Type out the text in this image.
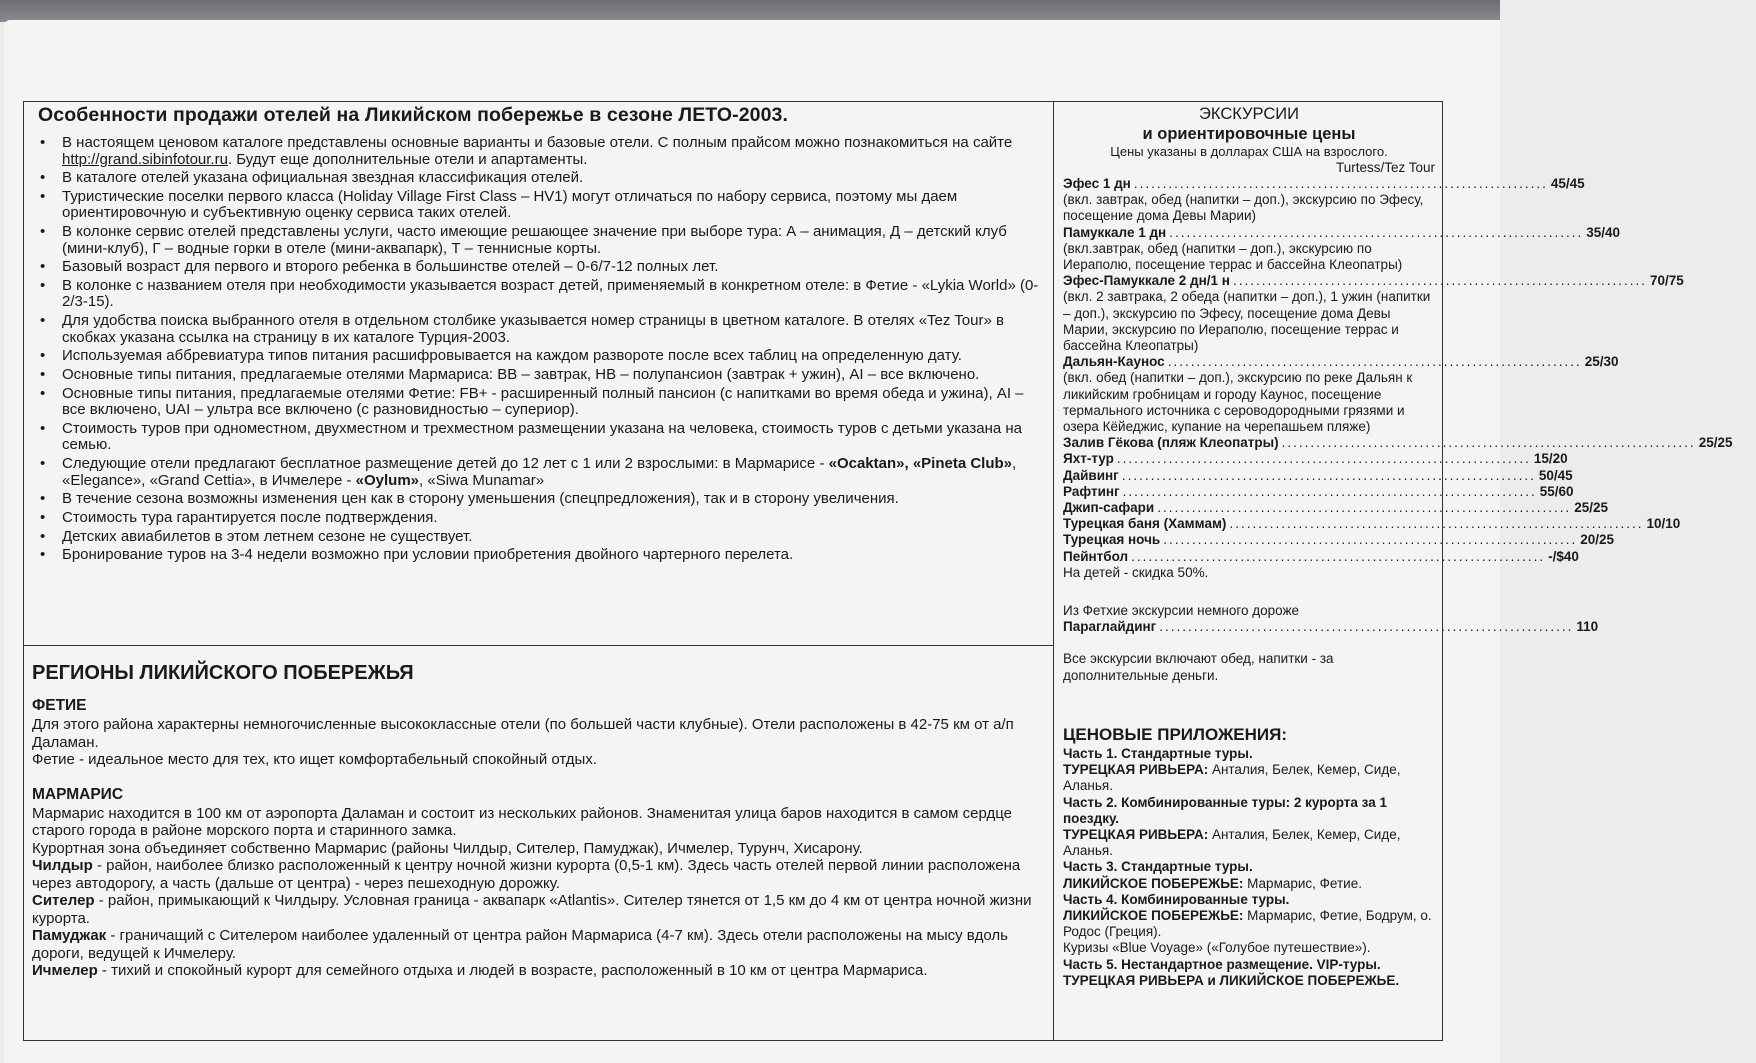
Особенности продажи отелей на Ликийском побережье в сезоне ЛЕТО-2003.
• В настоящем ценовом каталоге представлены основные варианты и базовые отели. С полным прайсом можно познакомиться на сайте http://grand.sibinfotour.ru. Будут еще дополнительные отели и апартаменты.
• В каталоге отелей указана официальная звездная классификация отелей.
• Туристические поселки первого класса (Holiday Village First Class – HV1) могут отличаться по набору сервиса, поэтому мы даем ориентировочную и субъективную оценку сервиса таких отелей.
• В колонке сервис отелей представлены услуги, часто имеющие решающее значение при выборе тура: А – анимация, Д – детский клуб (мини-клуб), Г – водные горки в отеле (мини-аквапарк), Т – теннисные корты.
• Базовый возраст для первого и второго ребенка в большинстве отелей – 0-6/7-12 полных лет.
• В колонке с названием отеля при необходимости указывается возраст детей, применяемый в конкретном отеле: в Фетие - «Lykia World» (0-2/3-15).
• Для удобства поиска выбранного отеля в отдельном столбике указывается номер страницы в цветном каталоге. В отелях «Tez Tour» в скобках указана ссылка на страницу в их каталоге Турция-2003.
• Используемая аббревиатура типов питания расшифровывается на каждом развороте после всех таблиц на определенную дату.
• Основные типы питания, предлагаемые отелями Мармариса: ВВ – завтрак, НВ – полупансион (завтрак + ужин), AI – все включено.
• Основные типы питания, предлагаемые отелями Фетие: FB+ - расширенный полный пансион (с напитками во время обеда и ужина), AI – все включено, UAI – ультра все включено (с разновидностью – супериор).
• Стоимость туров при одноместном, двухместном и трехместном размещении указана на человека, стоимость туров с детьми указана на семью.
• Следующие отели предлагают бесплатное размещение детей до 12 лет с 1 или 2 взрослыми: в Мармарисе - «Ocaktan», «Pineta Club», «Elegance», «Grand Cettia», в Ичмелере - «Oylum», «Siwa Munamar»
• В течение сезона возможны изменения цен как в сторону уменьшения (спецпредложения), так и в сторону увеличения.
• Стоимость тура гарантируется после подтверждения.
• Детских авиабилетов в этом летнем сезоне не существует.
• Бронирование туров на 3-4 недели возможно при условии приобретения двойного чартерного перелета.
РЕГИОНЫ ЛИКИЙСКОГО ПОБЕРЕЖЬЯ
ФЕТИЕ

Для этого района характерны немногочисленные высококлассные отели (по большей части клубные). Отели расположены в 42-75 км от а/п Даламан.

Фетие - идеальное место для тех, кто ищет комфортабельный спокойный отдых.

МАРМАРИС

Мармарис находится в 100 км от аэропорта Даламан и состоит из нескольких районов. Знаменитая улица баров находится в самом сердце старого города в районе морского порта и старинного замка.

Курортная зона объединяет собственно Мармарис (районы Чилдыр, Сителер, Памуджак), Ичмелер, Турунч, Хисарону.

Чилдыр - район, наиболее близко расположенный к центру ночной жизни курорта (0,5-1 км). Здесь часть отелей первой линии расположена через автодорогу, а часть (дальше от центра) - через пешеходную дорожку.

Сителер - район, примыкающий к Чилдыру. Условная граница - аквапарк «Atlantis». Сителер тянется от 1,5 км до 4 км от центра ночной жизни курорта.

Памуджак - граничащий с Сителером наиболее удаленный от центра район Мармариса (4-7 км). Здесь отели расположены на мысу вдоль дороги, ведущей к Ичмелеру.

Ичмелер - тихий и спокойный курорт для семейного отдыха и людей в возрасте, расположенный в 10 км от центра Мармариса.

ЭКСКУРСИИ
и ориентировочные цены
Цены указаны в долларах США на взрослого.
Turtess/Tez Tour
Эфес 1 дн ........................................................................ 45/45
(вкл. завтрак, обед (напитки – доп.), экскурсию по Эфесу, посещение дома Девы Марии)
Памуккале 1 дн ........................................................................ 35/40
(вкл.завтрак, обед (напитки – доп.), экскурсию по Иераполю, посещение террас и бассейна Клеопатры)
Эфес-Памуккале 2 дн/1 н ........................................................................ 70/75
(вкл. 2 завтрака, 2 обеда (напитки – доп.), 1 ужин (напитки – доп.), экскурсию по Эфесу, посещение дома Девы Марии, экскурсию по Иераполю, посещение террас и бассейна Клеопатры)
Дальян-Каунос ........................................................................ 25/30
(вкл. обед (напитки – доп.), экскурсию по реке Дальян к ликийским гробницам и городу Каунос, посещение термального источника с сероводородными грязями и озера Кёйеджис, купание на черепашьем пляже)
Залив Гёкова (пляж Клеопатры) ........................................................................ 25/25
Яхт-тур ........................................................................ 15/20
Дайвинг ........................................................................ 50/45
Рафтинг ........................................................................ 55/60
Джип-сафари ........................................................................ 25/25
Турецкая баня (Хаммам) ........................................................................ 10/10
Турецкая ночь ........................................................................ 20/25
Пейнтбол ........................................................................ -/$40
На детей - скидка 50%.
Из Фетхие экскурсии немного дороже
Параглайдинг ........................................................................ 110
Все экскурсии включают обед, напитки - за дополнительные деньги.
ЦЕНОВЫЕ ПРИЛОЖЕНИЯ:
Часть 1. Стандартные туры.
ТУРЕЦКАЯ РИВЬЕРА: Анталия, Белек, Кемер, Сиде, Аланья.
Часть 2. Комбинированные туры: 2 курорта за 1 поездку.
ТУРЕЦКАЯ РИВЬЕРА: Анталия, Белек, Кемер, Сиде, Аланья.
Часть 3. Стандартные туры.
ЛИКИЙСКОЕ ПОБЕРЕЖЬЕ: Мармарис, Фетие.
Часть 4. Комбинированные туры.
ЛИКИЙСКОЕ ПОБЕРЕЖЬЕ: Мармарис, Фетие, Бодрум, о. Родос (Греция).
Куризы «Blue Voyage» («Голубое путешествие»).
Часть 5. Нестандартное размещение. VIP-туры.
ТУРЕЦКАЯ РИВЬЕРА и ЛИКИЙСКОЕ ПОБЕРЕЖЬЕ.
